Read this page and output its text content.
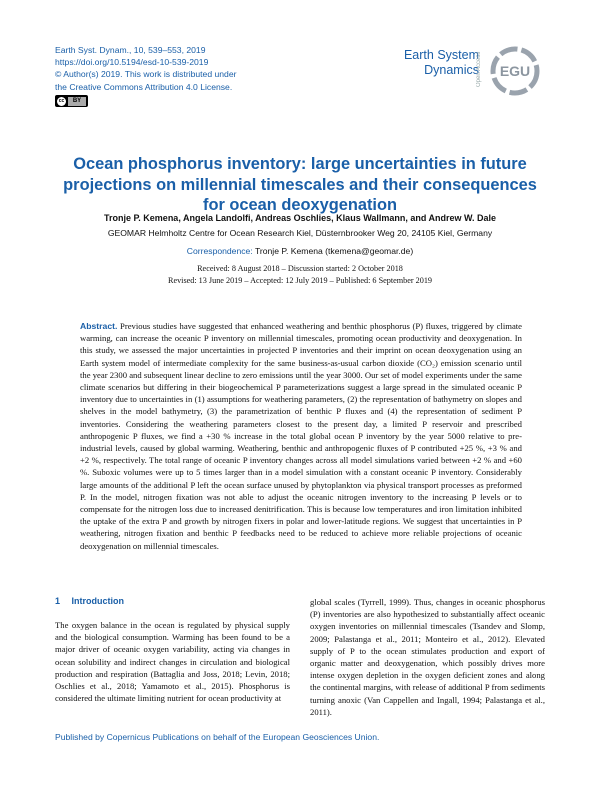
Earth Syst. Dynam., 10, 539–553, 2019
https://doi.org/10.5194/esd-10-539-2019
© Author(s) 2019. This work is distributed under
the Creative Commons Attribution 4.0 License.
cc	BY
Earth System
Dynamics
Open Access EGU
Ocean phosphorus inventory: large uncertainties in future projections on millennial timescales and their consequences for ocean deoxygenation
Tronje P. Kemena, Angela Landolfi, Andreas Oschlies, Klaus Wallmann, and Andrew W. Dale
GEOMAR Helmholtz Centre for Ocean Research Kiel, Düsternbrooker Weg 20, 24105 Kiel, Germany
Correspondence: Tronje P. Kemena (tkemena@geomar.de)
Received: 8 August 2018 – Discussion started: 2 October 2018
Revised: 13 June 2019 – Accepted: 12 July 2019 – Published: 6 September 2019
Abstract. Previous studies have suggested that enhanced weathering and benthic phosphorus (P) fluxes, triggered by climate warming, can increase the oceanic P inventory on millennial timescales, promoting ocean productivity and deoxygenation. In this study, we assessed the major uncertainties in projected P inventories and their imprint on ocean deoxygenation using an Earth system model of intermediate complexity for the same business-as-usual carbon dioxide (CO₂) emission scenario until the year 2300 and subsequent linear decline to zero emissions until the year 3000. Our set of model experiments under the same climate scenarios but differing in their biogeochemical P parameterizations suggest a large spread in the simulated oceanic P inventory due to uncertainties in (1) assumptions for weathering parameters, (2) the representation of bathymetry on slopes and shelves in the model bathymetry, (3) the parametrization of benthic P fluxes and (4) the representation of sediment P inventories. Considering the weathering parameters closest to the present day, a limited P reservoir and prescribed anthropogenic P fluxes, we find a +30 % increase in the total global ocean P inventory by the year 5000 relative to pre-industrial levels, caused by global warming. Weathering, benthic and anthropogenic fluxes of P contributed +25 %, +3 % and +2 %, respectively. The total range of oceanic P inventory changes across all model simulations varied between +2 % and +60 %. Suboxic volumes were up to 5 times larger than in a model simulation with a constant oceanic P inventory. Considerably large amounts of the additional P left the ocean surface unused by phytoplankton via physical transport processes as preformed P. In the model, nitrogen fixation was not able to adjust the oceanic nitrogen inventory to the increasing P levels or to compensate for the nitrogen loss due to increased denitrification. This is because low temperatures and iron limitation inhibited the uptake of the extra P and growth by nitrogen fixers in polar and lower-latitude regions. We suggest that uncertainties in P weathering, nitrogen fixation and benthic P feedbacks need to be reduced to achieve more reliable projections of oceanic deoxygenation on millennial timescales.
1 Introduction
The oxygen balance in the ocean is regulated by physical supply and the biological consumption. Warming has been found to be a major driver of oceanic oxygen variability, acting via changes in ocean solubility and indirect changes in circulation and biological production and respiration (Battaglia and Joss, 2018; Levin, 2018; Oschlies et al., 2018; Yamamoto et al., 2015). Phosphorus is considered the ultimate limiting nutrient for ocean productivity at
global scales (Tyrrell, 1999). Thus, changes in oceanic phosphorus (P) inventories are also hypothesized to substantially affect oceanic oxygen inventories on millennial timescales (Tsandev and Slomp, 2009; Palastanga et al., 2011; Monteiro et al., 2012). Elevated supply of P to the ocean stimulates production and export of organic matter and deoxygenation, which possibly drives more intense oxygen depletion in the oxygen deficient zones and along the continental margins, with release of additional P from sediments turning anoxic (Van Cappellen and Ingall, 1994; Palastanga et al., 2011).
Published by Copernicus Publications on behalf of the European Geosciences Union.
